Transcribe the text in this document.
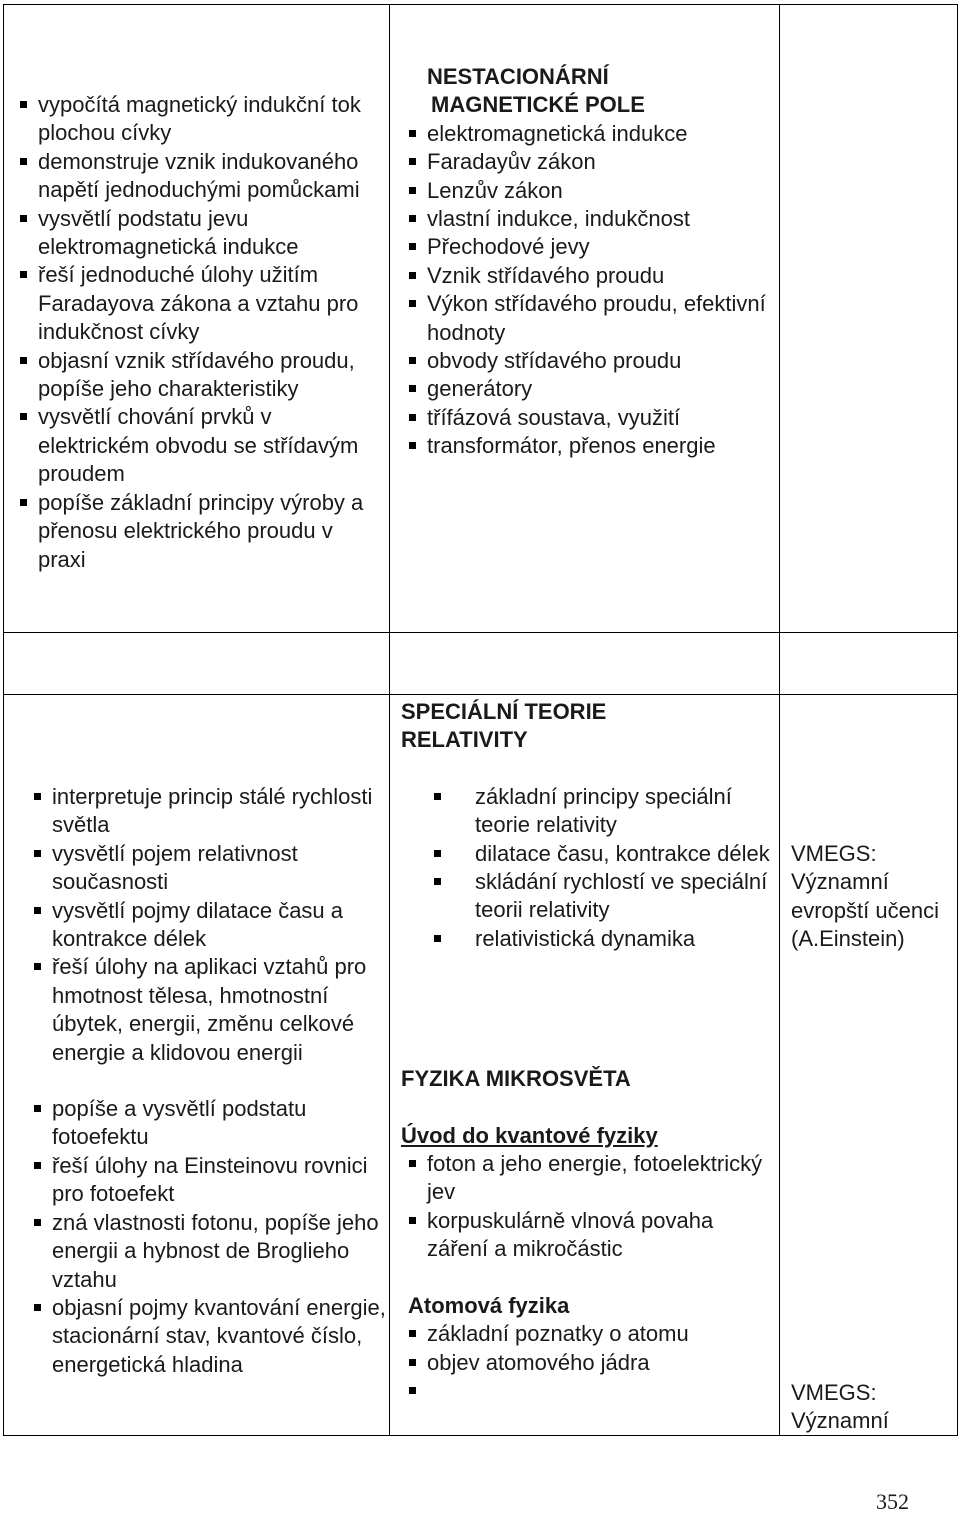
vypočítá magnetický indukční tok plochou cívky
demonstruje vznik indukovaného napětí jednoduchými pomůckami
vysvětlí podstatu jevu elektromagnetická indukce
řeší jednoduché úlohy užitím Faradayova zákona a vztahu pro indukčnost cívky
objasní vznik střídavého proudu, popíše jeho charakteristiky
vysvětlí chování prvků v elektrickém obvodu se střídavým proudem
popíše základní principy výroby a přenosu elektrického proudu v praxi
NESTACIONÁRNÍ
MAGNETICKÉ POLE
elektromagnetická indukce
Faradayův zákon
Lenzův zákon
vlastní indukce, indukčnost
Přechodové jevy
Vznik střídavého proudu
Výkon střídavého proudu, efektivní hodnoty
obvody střídavého proudu
generátory
třífázová soustava, využití
transformátor, přenos energie
interpretuje princip stálé rychlosti světla
vysvětlí pojem relativnost současnosti
vysvětlí pojmy dilatace času a kontrakce délek
řeší úlohy na aplikaci vztahů pro hmotnost tělesa, hmotnostní úbytek, energii, změnu celkové energie a klidovou energii
popíše a vysvětlí podstatu fotoefektu
řeší úlohy na Einsteinovu rovnici pro fotoefekt
zná vlastnosti fotonu, popíše jeho energii a hybnost de Broglieho vztahu
objasní pojmy kvantování energie, stacionární stav, kvantové číslo, energetická hladina
SPECIÁLNÍ TEORIE
RELATIVITY
základní principy speciální teorie relativity
dilatace času, kontrakce délek
skládání rychlostí ve speciální teorii relativity
relativistická dynamika
FYZIKA MIKROSVĚTA
Úvod do kvantové fyziky
foton a jeho energie, fotoelektrický jev
korpuskulárně vlnová povaha záření a mikročástic
Atomová fyzika
základní poznatky o atomu
objev atomového jádra
VMEGS: Významní evropští učenci (A.Einstein)
VMEGS: Významní
352
